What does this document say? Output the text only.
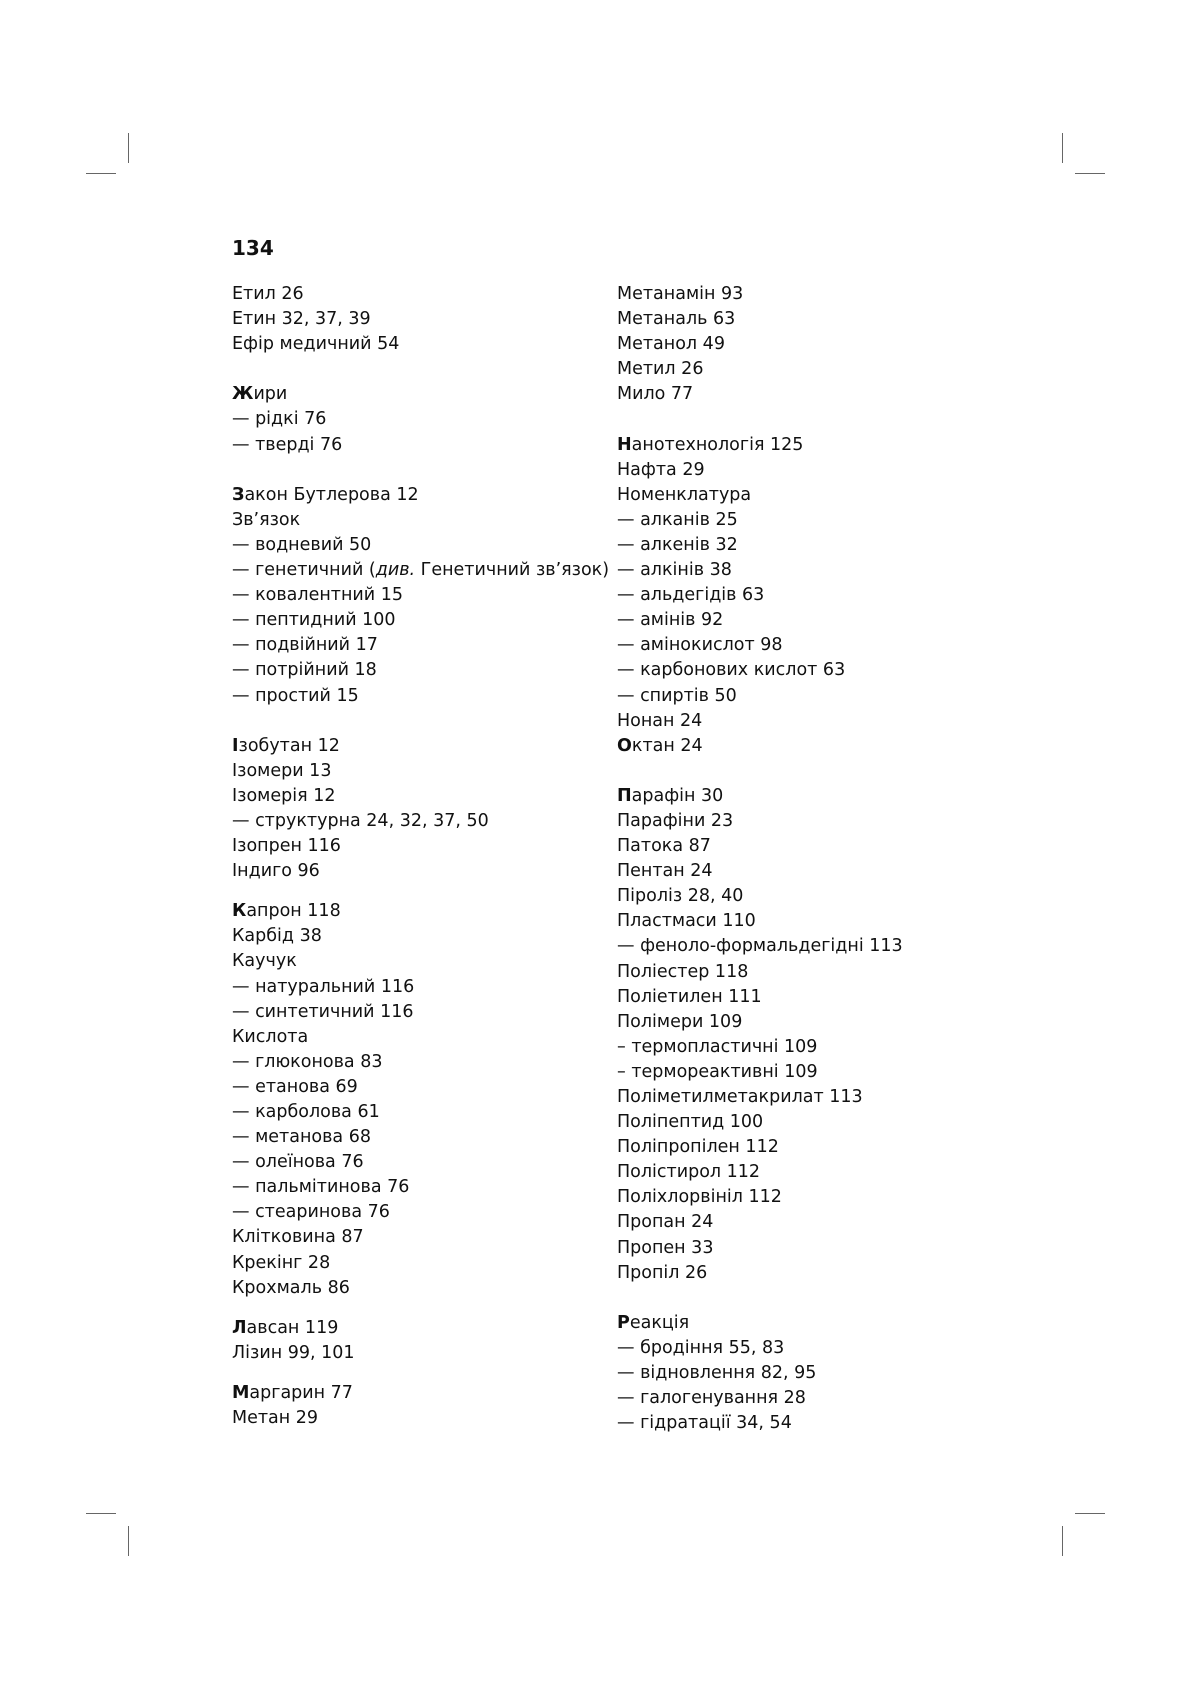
134
Етил 26
Етин 32, 37, 39
Ефір медичний 54
Жири
— рідкі 76
— тверді 76
Закон Бутлерова 12
Зв’язок
— водневий 50
— генетичний (див. Генетичний зв’язок)
— ковалентний 15
— пептидний 100
— подвійний 17
— потрійний 18
— простий 15
Ізобутан 12
Ізомери 13
Ізомерія 12
— структурна 24, 32, 37, 50
Ізопрен 116
Індиго 96
Капрон 118
Карбід 38
Каучук
— натуральний 116
— синтетичний 116
Кислота
— глюконова 83
— етанова 69
— карболова 61
— метанова 68
— олеїнова 76
— пальмітинова 76
— стеаринова 76
Клітковина 87
Крекінг 28
Крохмаль 86
Лавсан 119
Лізин 99, 101
Маргарин 77
Метан 29
Метанамін 93
Метаналь 63
Метанол 49
Метил 26
Мило 77
Нанотехнологія 125
Нафта 29
Номенклатура
— алканів 25
— алкенів 32
— алкінів 38
— альдегідів 63
— амінів 92
— амінокислот 98
— карбонових кислот 63
— спиртів 50
Нонан 24
Октан 24
Парафін 30
Парафіни 23
Патока 87
Пентан 24
Піроліз 28, 40
Пластмаси 110
— феноло-формальдегідні 113
Поліестер 118
Поліетилен 111
Полімери 109
– термопластичні 109
– термореактивні 109
Поліметилметакрилат 113
Поліпептид 100
Поліпропілен 112
Полістирол 112
Поліхлорвініл 112
Пропан 24
Пропен 33
Пропіл 26
Реакція
— бродіння 55, 83
— відновлення 82, 95
— галогенування 28
— гідратації 34, 54
